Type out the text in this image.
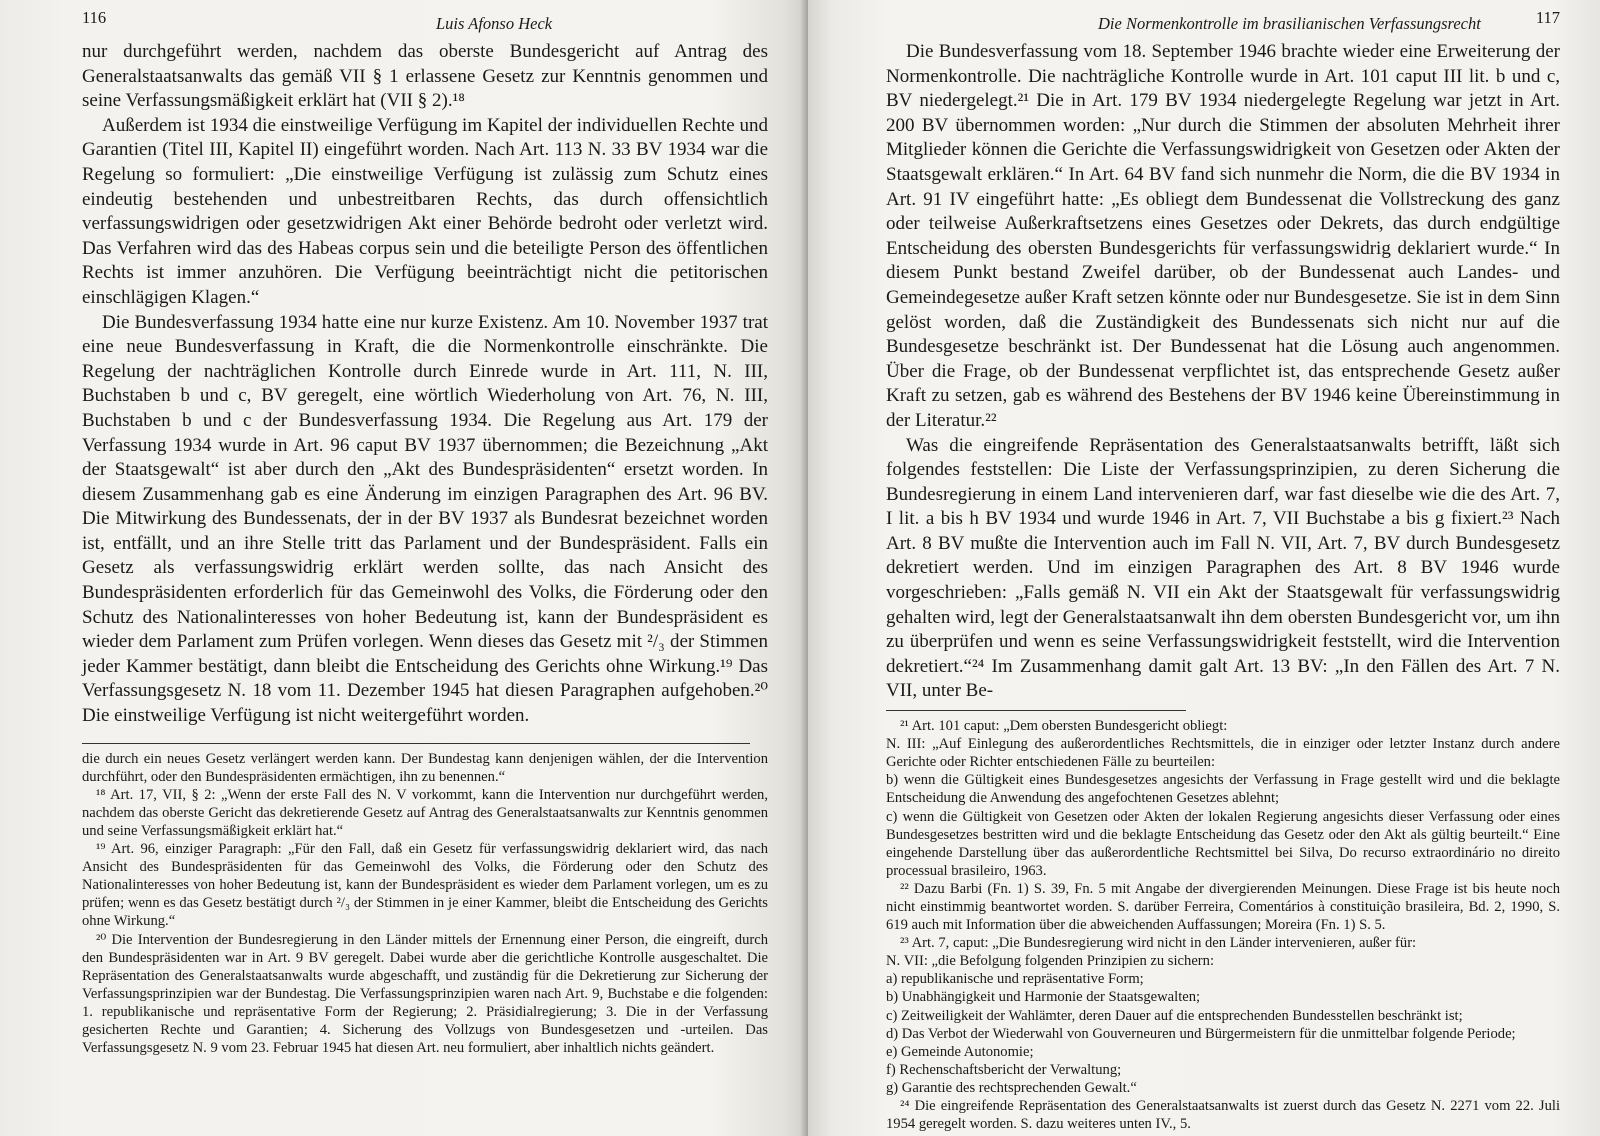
116	Luis Afonso Heck

nur durchgeführt werden, nachdem das oberste Bundesgericht auf Antrag des Generalstaatsanwalts das gemäß VII § 1 erlassene Gesetz zur Kenntnis genommen und seine Verfassungsmäßigkeit erklärt hat (VII § 2).¹⁸

Außerdem ist 1934 die einstweilige Verfügung im Kapitel der individuellen Rechte und Garantien (Titel III, Kapitel II) eingeführt worden. Nach Art. 113 N. 33 BV 1934 war die Regelung so formuliert: „Die einstweilige Verfügung ist zulässig zum Schutz eines eindeutig bestehenden und unbestreitbaren Rechts, das durch offensichtlich verfassungswidrigen oder gesetzwidrigen Akt einer Behörde bedroht oder verletzt wird. Das Verfahren wird das des Habeas corpus sein und die beteiligte Person des öffentlichen Rechts ist immer anzuhören. Die Verfügung beeinträchtigt nicht die petitorischen einschlägigen Klagen.“

Die Bundesverfassung 1934 hatte eine nur kurze Existenz. Am 10. November 1937 trat eine neue Bundesverfassung in Kraft, die die Normenkontrolle einschränkte. Die Regelung der nachträglichen Kontrolle durch Einrede wurde in Art. 111, N. III, Buchstaben b und c, BV geregelt, eine wörtlich Wiederholung von Art. 76, N. III, Buchstaben b und c der Bundesverfassung 1934. Die Regelung aus Art. 179 der Verfassung 1934 wurde in Art. 96 caput BV 1937 übernommen; die Bezeichnung „Akt der Staatsgewalt“ ist aber durch den „Akt des Bundespräsidenten“ ersetzt worden. In diesem Zusammenhang gab es eine Änderung im einzigen Paragraphen des Art. 96 BV. Die Mitwirkung des Bundessenats, der in der BV 1937 als Bundesrat bezeichnet worden ist, entfällt, und an ihre Stelle tritt das Parlament und der Bundespräsident. Falls ein Gesetz als verfassungswidrig erklärt werden sollte, das nach Ansicht des Bundespräsidenten erforderlich für das Gemeinwohl des Volks, die Förderung oder den Schutz des Nationalinteresses von hoher Bedeutung ist, kann der Bundespräsident es wieder dem Parlament zum Prüfen vorlegen. Wenn dieses das Gesetz mit ²/₃ der Stimmen jeder Kammer bestätigt, dann bleibt die Entscheidung des Gerichts ohne Wirkung.¹⁹ Das Verfassungsgesetz N. 18 vom 11. Dezember 1945 hat diesen Paragraphen aufgehoben.²⁰ Die einstweilige Verfügung ist nicht weitergeführt worden.

die durch ein neues Gesetz verlängert werden kann. Der Bundestag kann denjenigen wählen, der die Intervention durchführt, oder den Bundespräsidenten ermächtigen, ihn zu benennen.“

¹⁸ Art. 17, VII, § 2: „Wenn der erste Fall des N. V vorkommt, kann die Intervention nur durchgeführt werden, nachdem das oberste Gericht das dekretierende Gesetz auf Antrag des Generalstaatsanwalts zur Kenntnis genommen und seine Verfassungsmäßigkeit erklärt hat.“

¹⁹ Art. 96, einziger Paragraph: „Für den Fall, daß ein Gesetz für verfassungswidrig deklariert wird, das nach Ansicht des Bundespräsidenten für das Gemeinwohl des Volks, die Förderung oder den Schutz des Nationalinteresses von hoher Bedeutung ist, kann der Bundespräsident es wieder dem Parlament vorlegen, um es zu prüfen; wenn es das Gesetz bestätigt durch ²/₃ der Stimmen in je einer Kammer, bleibt die Entscheidung des Gerichts ohne Wirkung.“

²⁰ Die Intervention der Bundesregierung in den Länder mittels der Ernennung einer Person, die eingreift, durch den Bundespräsidenten war in Art. 9 BV geregelt. Dabei wurde aber die gerichtliche Kontrolle ausgeschaltet. Die Repräsentation des Generalstaatsanwalts wurde abgeschafft, und zuständig für die Dekretierung zur Sicherung der Verfassungsprinzipien war der Bundestag. Die Verfassungsprinzipien waren nach Art. 9, Buchstabe e die folgenden: 1. republikanische und repräsentative Form der Regierung; 2. Präsidialregierung; 3. Die in der Verfassung gesicherten Rechte und Garantien; 4. Sicherung des Vollzugs von Bundesgesetzen und -urteilen. Das Verfassungsgesetz N. 9 vom 23. Februar 1945 hat diesen Art. neu formuliert, aber inhaltlich nichts geändert.

Die Normenkontrolle im brasilianischen Verfassungsrecht	117

Die Bundesverfassung vom 18. September 1946 brachte wieder eine Erweiterung der Normenkontrolle. Die nachträgliche Kontrolle wurde in Art. 101 caput III lit. b und c, BV niedergelegt.²¹ Die in Art. 179 BV 1934 niedergelegte Regelung war jetzt in Art. 200 BV übernommen worden: „Nur durch die Stimmen der absoluten Mehrheit ihrer Mitglieder können die Gerichte die Verfassungswidrigkeit von Gesetzen oder Akten der Staatsgewalt erklären.“ In Art. 64 BV fand sich nunmehr die Norm, die die BV 1934 in Art. 91 IV eingeführt hatte: „Es obliegt dem Bundessenat die Vollstreckung des ganz oder teilweise Außerkraftsetzens eines Gesetzes oder Dekrets, das durch endgültige Entscheidung des obersten Bundesgerichts für verfassungswidrig deklariert wurde.“ In diesem Punkt bestand Zweifel darüber, ob der Bundessenat auch Landes- und Gemeindegesetze außer Kraft setzen könnte oder nur Bundesgesetze. Sie ist in dem Sinn gelöst worden, daß die Zuständigkeit des Bundessenats sich nicht nur auf die Bundesgesetze beschränkt ist. Der Bundessenat hat die Lösung auch angenommen. Über die Frage, ob der Bundessenat verpflichtet ist, das entsprechende Gesetz außer Kraft zu setzen, gab es während des Bestehens der BV 1946 keine Übereinstimmung in der Literatur.²²

Was die eingreifende Repräsentation des Generalstaatsanwalts betrifft, läßt sich folgendes feststellen: Die Liste der Verfassungsprinzipien, zu deren Sicherung die Bundesregierung in einem Land intervenieren darf, war fast dieselbe wie die des Art. 7, I lit. a bis h BV 1934 und wurde 1946 in Art. 7, VII Buchstabe a bis g fixiert.²³ Nach Art. 8 BV mußte die Intervention auch im Fall N. VII, Art. 7, BV durch Bundesgesetz dekretiert werden. Und im einzigen Paragraphen des Art. 8 BV 1946 wurde vorgeschrieben: „Falls gemäß N. VII ein Akt der Staatsgewalt für verfassungswidrig gehalten wird, legt der Generalstaatsanwalt ihn dem obersten Bundesgericht vor, um ihn zu überprüfen und wenn es seine Verfassungswidrigkeit feststellt, wird die Intervention dekretiert.“²⁴ Im Zusammenhang damit galt Art. 13 BV: „In den Fällen des Art. 7 N. VII, unter Be-

²¹ Art. 101 caput: „Dem obersten Bundesgericht obliegt:

N. III: „Auf Einlegung des außerordentliches Rechtsmittels, die in einziger oder letzter Instanz durch andere Gerichte oder Richter entschiedenen Fälle zu beurteilen:

b) wenn die Gültigkeit eines Bundesgesetzes angesichts der Verfassung in Frage gestellt wird und die beklagte Entscheidung die Anwendung des angefochtenen Gesetzes ablehnt;

c) wenn die Gültigkeit von Gesetzen oder Akten der lokalen Regierung angesichts dieser Verfassung oder eines Bundesgesetzes bestritten wird und die beklagte Entscheidung das Gesetz oder den Akt als gültig beurteilt.“ Eine eingehende Darstellung über das außerordentliche Rechtsmittel bei Silva, Do recurso extraordinário no direito processual brasileiro, 1963.

²² Dazu Barbi (Fn. 1) S. 39, Fn. 5 mit Angabe der divergierenden Meinungen. Diese Frage ist bis heute noch nicht einstimmig beantwortet worden. S. darüber Ferreira, Comentários à constituição brasileira, Bd. 2, 1990, S. 619 auch mit Information über die abweichenden Auffassungen; Moreira (Fn. 1) S. 5.

²³ Art. 7, caput: „Die Bundesregierung wird nicht in den Länder intervenieren, außer für:

N. VII: „die Befolgung folgenden Prinzipien zu sichern:

a) republikanische und repräsentative Form;

b) Unabhängigkeit und Harmonie der Staatsgewalten;

c) Zeitweiligkeit der Wahlämter, deren Dauer auf die entsprechenden Bundesstellen beschränkt ist;

d) Das Verbot der Wiederwahl von Gouverneuren und Bürgermeistern für die unmittelbar folgende Periode;

e) Gemeinde Autonomie;

f) Rechenschaftsbericht der Verwaltung;

g) Garantie des rechtsprechenden Gewalt.“

²⁴ Die eingreifende Repräsentation des Generalstaatsanwalts ist zuerst durch das Gesetz N. 2271 vom 22. Juli 1954 geregelt worden. S. dazu weiteres unten IV., 5.
